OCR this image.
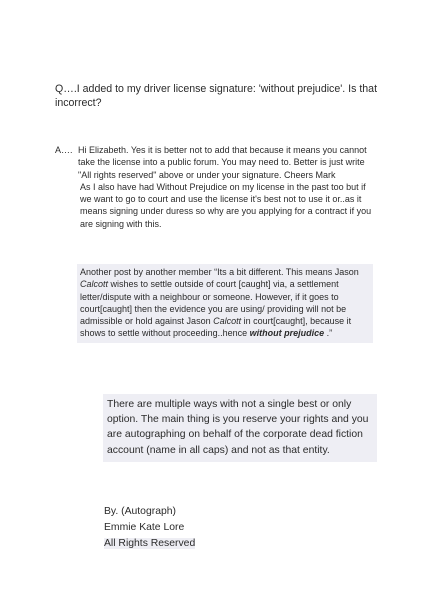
Q….I added to my driver license signature: 'without prejudice'. Is that incorrect?
A…. Hi Elizabeth. Yes it is better not to add that because it means you cannot take the license into a public forum. You may need to. Better is just write "All rights reserved" above or under your signature. Cheers Mark
As I also have had Without Prejudice on my license in the past too but if we want to go to court and use the license it's best not to use it or..as it means signing under duress so why are you applying for a contract if you are signing with this.
Another post by another member “Its a bit different. This means Jason Calcott wishes to settle outside of court [caught] via, a settlement letter/dispute with a neighbour or someone. However, if it goes to court[caught] then the evidence you are using/ providing will not be admissible or hold against Jason Calcott in court[caught], because it shows to settle without proceeding..hence without prejudice .”
There are multiple ways with not a single best or only option. The main thing is you reserve your rights and you are autographing on behalf of the corporate dead fiction account (name in all caps) and not as that entity.
By. (Autograph)
Emmie Kate Lore
All Rights Reserved
